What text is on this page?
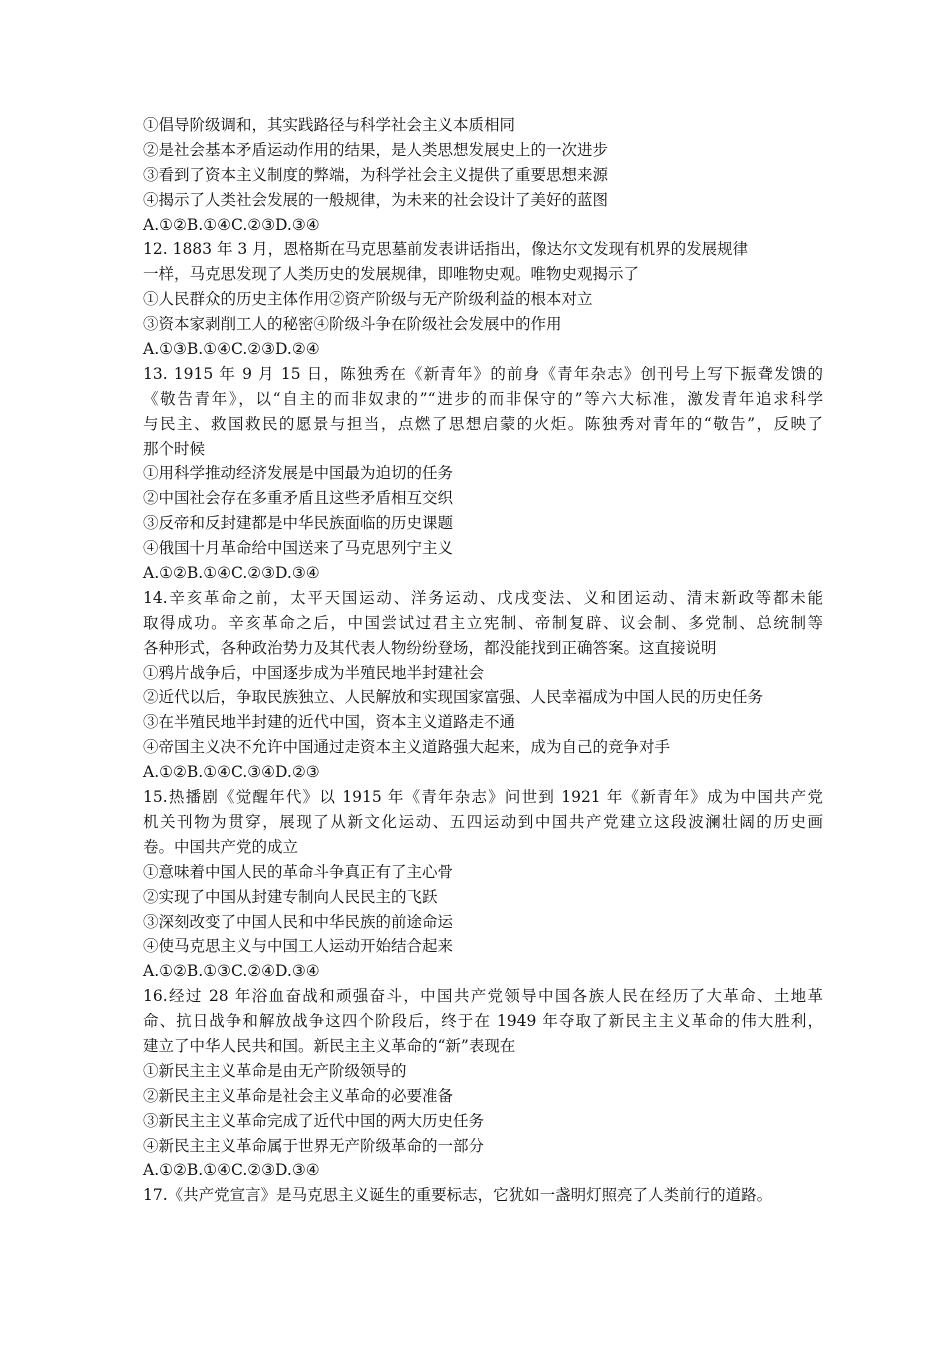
①倡导阶级调和，其实践路径与科学社会主义本质相同
②是社会基本矛盾运动作用的结果，是人类思想发展史上的一次进步
③看到了资本主义制度的弊端，为科学社会主义提供了重要思想来源
④揭示了人类社会发展的一般规律，为未来的社会设计了美好的蓝图
A.①②B.①④C.②③D.③④
12. 1883 年 3 月，恩格斯在马克思墓前发表讲话指出，像达尔文发现有机界的发展规律
一样，马克思发现了人类历史的发展规律，即唯物史观。唯物史观揭示了
①人民群众的历史主体作用②资产阶级与无产阶级利益的根本对立
③资本家剥削工人的秘密④阶级斗争在阶级社会发展中的作用
A.①③B.①④C.②③D.②④
13. 1915 年 9 月 15 日，陈独秀在《新青年》的前身《青年杂志》创刊号上写下振聋发馈的
《敬告青年》，以“自主的而非奴隶的”“进步的而非保守的”等六大标准，激发青年追求科学
与民主、救国救民的愿景与担当，点燃了思想启蒙的火炬。陈独秀对青年的“敬告”，反映了
那个时候
①用科学推动经济发展是中国最为迫切的任务
②中国社会存在多重矛盾且这些矛盾相互交织
③反帝和反封建都是中华民族面临的历史课题
④俄国十月革命给中国送来了马克思列宁主义
A.①②B.①④C.②③D.③④
14.辛亥革命之前，太平天国运动、洋务运动、戊戌变法、义和团运动、清末新政等都未能
取得成功。辛亥革命之后，中国尝试过君主立宪制、帝制复辟、议会制、多党制、总统制等
各种形式，各种政治势力及其代表人物纷纷登场，都没能找到正确答案。这直接说明
①鸦片战争后，中国逐步成为半殖民地半封建社会
②近代以后，争取民族独立、人民解放和实现国家富强、人民幸福成为中国人民的历史任务
③在半殖民地半封建的近代中国，资本主义道路走不通
④帝国主义决不允许中国通过走资本主义道路强大起来，成为自己的竞争对手
A.①②B.①④C.③④D.②③
15.热播剧《觉醒年代》以 1915 年《青年杂志》问世到 1921 年《新青年》成为中国共产党
机关刊物为贯穿，展现了从新文化运动、五四运动到中国共产党建立这段波澜壮阔的历史画
卷。中国共产党的成立
①意味着中国人民的革命斗争真正有了主心骨
②实现了中国从封建专制向人民民主的飞跃
③深刻改变了中国人民和中华民族的前途命运
④使马克思主义与中国工人运动开始结合起来
A.①②B.①③C.②④D.③④
16.经过 28 年浴血奋战和顽强奋斗，中国共产党领导中国各族人民在经历了大革命、土地革
命、抗日战争和解放战争这四个阶段后，终于在 1949 年夺取了新民主主义革命的伟大胜利，
建立了中华人民共和国。新民主主义革命的“新”表现在
①新民主主义革命是由无产阶级领导的
②新民主主义革命是社会主义革命的必要准备
③新民主主义革命完成了近代中国的两大历史任务
④新民主主义革命属于世界无产阶级革命的一部分
A.①②B.①④C.②③D.③④
17.《共产党宣言》是马克思主义诞生的重要标志，它犹如一盏明灯照亮了人类前行的道路。
